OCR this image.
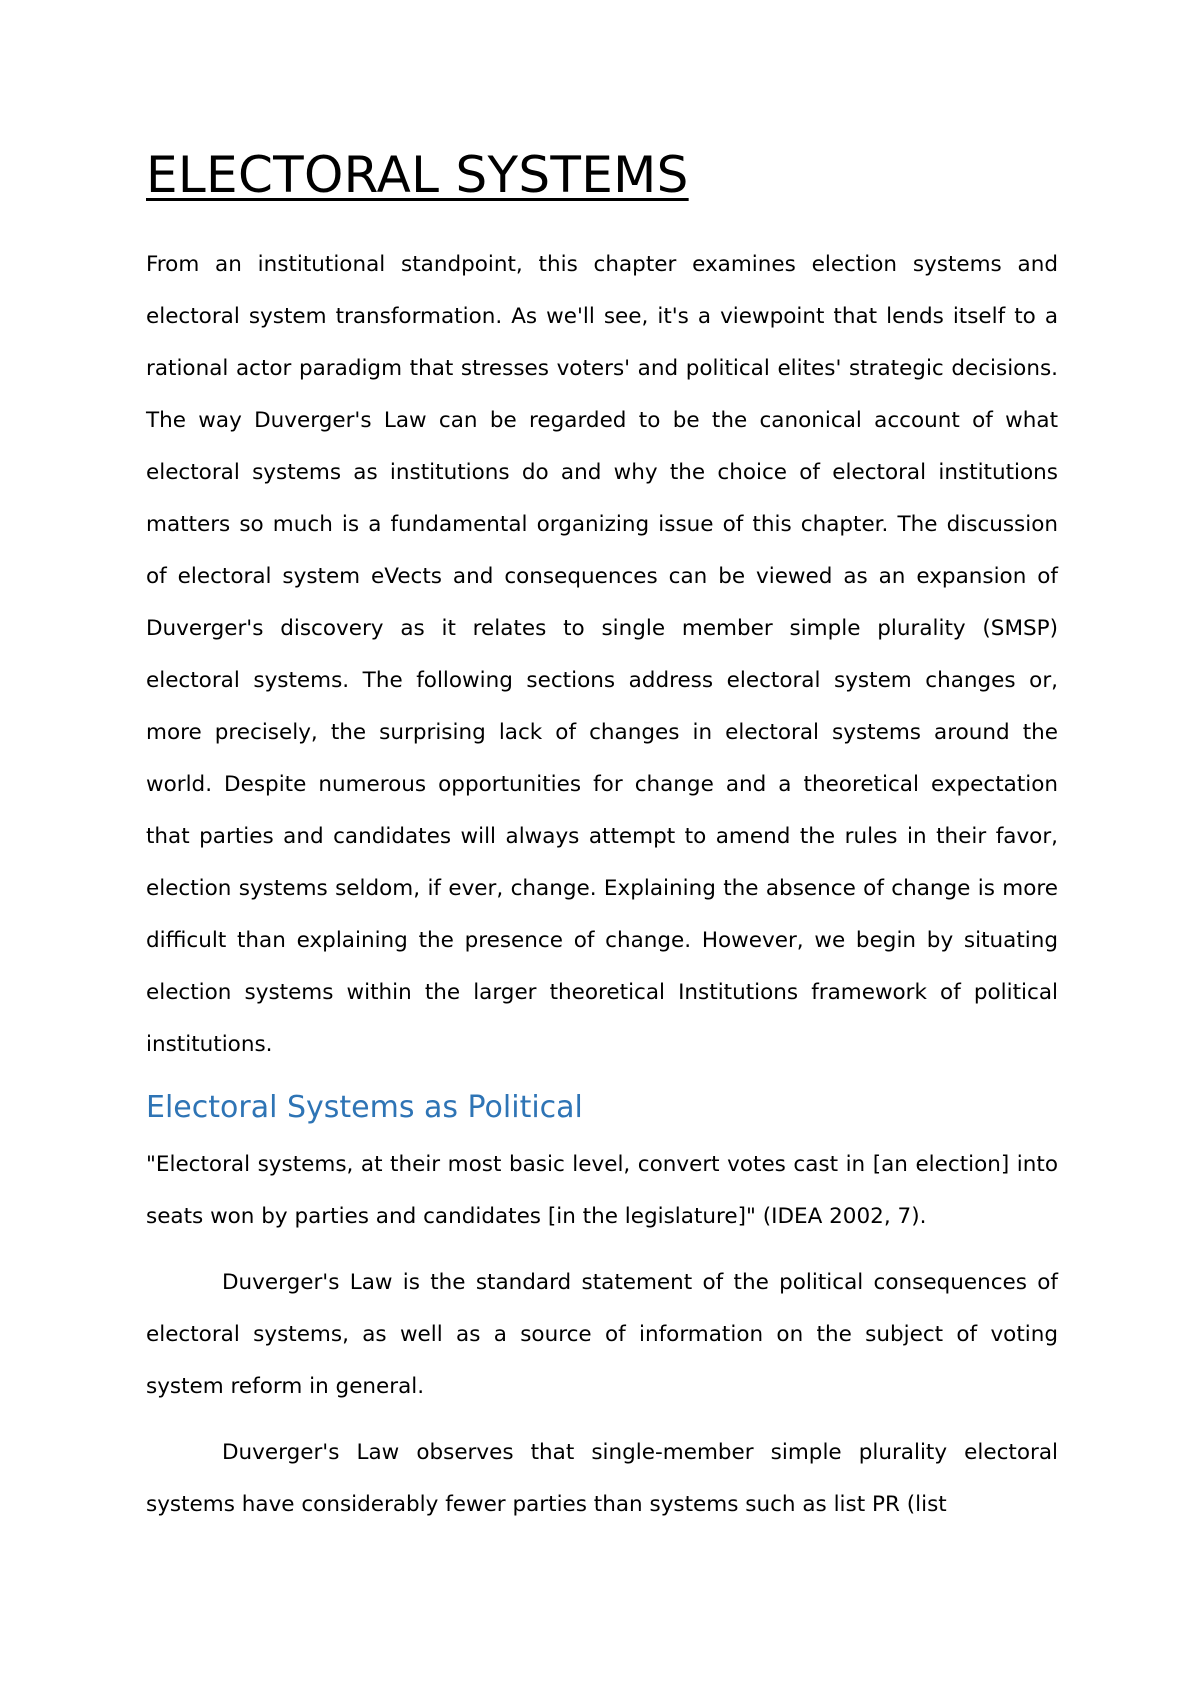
ELECTORAL SYSTEMS

From an institutional standpoint, this chapter examines election systems and electoral system transformation. As we'll see, it's a viewpoint that lends itself to a rational actor paradigm that stresses voters' and political elites' strategic decisions. The way Duverger's Law can be regarded to be the canonical account of what electoral systems as institutions do and why the choice of electoral institutions matters so much is a fundamental organizing issue of this chapter. The discussion of electoral system eVects and consequences can be viewed as an expansion of Duverger's discovery as it relates to single member simple plurality (SMSP) electoral systems. The following sections address electoral system changes or, more precisely, the surprising lack of changes in electoral systems around the world. Despite numerous opportunities for change and a theoretical expectation that parties and candidates will always attempt to amend the rules in their favor, election systems seldom, if ever, change. Explaining the absence of change is more difficult than explaining the presence of change. However, we begin by situating election systems within the larger theoretical Institutions framework of political institutions.

Electoral Systems as Political

"Electoral systems, at their most basic level, convert votes cast in [an election] into seats won by parties and candidates [in the legislature]" (IDEA 2002, 7).

Duverger's Law is the standard statement of the political consequences of electoral systems, as well as a source of information on the subject of voting system reform in general.

Duverger's Law observes that single-member simple plurality electoral systems have considerably fewer parties than systems such as list PR (list
